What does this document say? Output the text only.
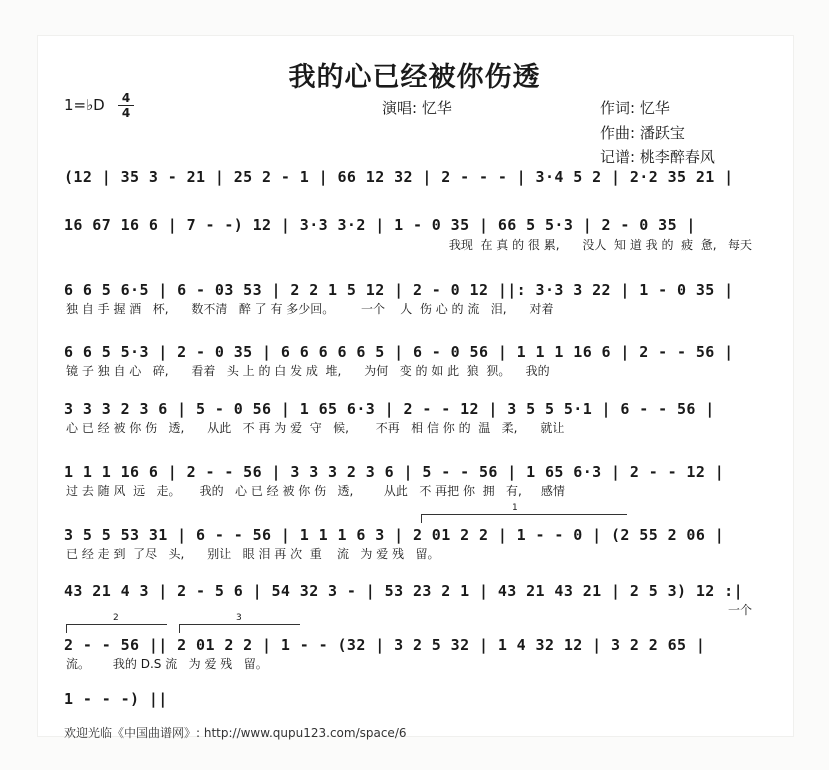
我的心已经被你伤透
1=♭D	4
4	演唱: 忆华	作词: 忆华
作曲: 潘跃宝
记谱: 桃李醉春风
(12 | 35 3 - 21 | 25 2 - 1 | 66 12 32 | 2 - - - | 3·4 5 2 | 2·2 35 21 |
16 67 16 6 | 7 - -) 12 | 3·3 3·2 | 1 - 0 35 | 66 5 5·3 | 2 - 0 35 |
我现  在 真 的 很 累,      没人  知 道 我 的  疲  惫,   每天
6 6 5 6·5 | 6 - 03 53 | 2 2 1 5 12 | 2 - 0 12 ||: 3·3 3 22 | 1 - 0 35 |
独 自 手 握 酒   杯,      数不清   醉 了 有 多少回。       一个    人  伤 心 的 流   泪,      对着
6 6 5 5·3 | 2 - 0 35 | 6 6 6 6 6 5 | 6 - 0 56 | 1 1 1 16 6 | 2 - - 56 |
镜 子 独 自 心   碎,      看着   头 上 的 白 发 成  堆,      为何   变 的 如 此  狼  狈。    我的
3 3 3 2 3 6 | 5 - 0 56 | 1 65 6·3 | 2 - - 12 | 3 5 5 5·1 | 6 - - 56 |
心 已 经 被 你 伤   透,      从此   不 再 为 爱  守   候,       不再   相 信 你 的  温   柔,      就让
1 1 1 16 6 | 2 - - 56 | 3 3 3 2 3 6 | 5 - - 56 | 1 65 6·3 | 2 - - 12 |
过 去 随 风  远   走。     我的   心 已 经 被 你 伤   透,        从此   不 再把 你  拥   有,     感情
1
3 5 5 53 31 | 6 - - 56 | 1 1 1 6 3 | 2 01 2 2 | 1 - - 0 | (2 55 2 06 |
已 经 走 到  了尽   头,      别让   眼 泪 再 次  重    流   为 爱 残   留。
43 21 4 3 | 2 - 5 6 | 54 32 3 - | 53 23 2 1 | 43 21 43 21 | 2 5 3) 12 :|
一个
2	3
2 - - 56 || 2 01 2 2 | 1 - - (32 | 3 2 5 32 | 1 4 32 12 | 3 2 2 65 |
流。      我的 D.S 流   为 爱 残   留。
1 - - -) ||
欢迎光临《中国曲谱网》: http://www.qupu123.com/space/6
